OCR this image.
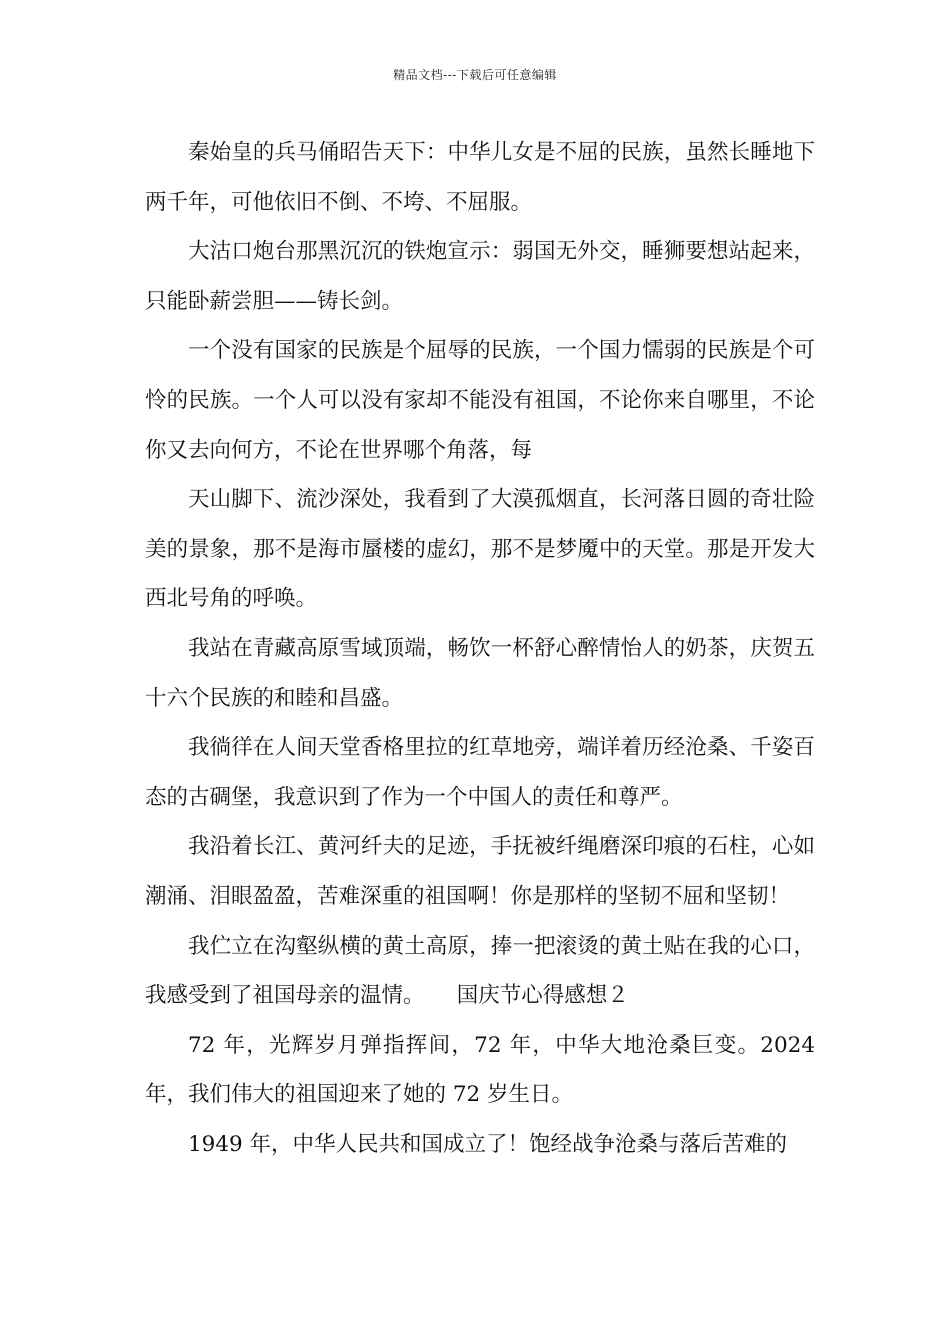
精品文档---下载后可任意编辑

秦始皇的兵马俑昭告天下：中华儿女是不屈的民族，虽然长睡地下两千年，可他依旧不倒、不垮、不屈服。

大沽口炮台那黑沉沉的铁炮宣示：弱国无外交，睡狮要想站起来，只能卧薪尝胆——铸长剑。

一个没有国家的民族是个屈辱的民族，一个国力懦弱的民族是个可怜的民族。一个人可以没有家却不能没有祖国，不论你来自哪里，不论你又去向何方，不论在世界哪个角落，每

天山脚下、流沙深处，我看到了大漠孤烟直，长河落日圆的奇壮险美的景象，那不是海市蜃楼的虚幻，那不是梦魇中的天堂。那是开发大西北号角的呼唤。

我站在青藏高原雪域顶端，畅饮一杯舒心醉情怡人的奶茶，庆贺五十六个民族的和睦和昌盛。

我徜徉在人间天堂香格里拉的红草地旁，端详着历经沧桑、千姿百态的古碉堡，我意识到了作为一个中国人的责任和尊严。

我沿着长江、黄河纤夫的足迹，手抚被纤绳磨深印痕的石柱，心如潮涌、泪眼盈盈，苦难深重的祖国啊！你是那样的坚韧不屈和坚韧！

我伫立在沟壑纵横的黄土高原，捧一把滚烫的黄土贴在我的心口，我感受到了祖国母亲的温情。　　国庆节心得感想２

72 年，光辉岁月弹指挥间，72 年，中华大地沧桑巨变。2024 年，我们伟大的祖国迎来了她的 72 岁生日。

1949 年，中华人民共和国成立了！饱经战争沧桑与落后苦难的
